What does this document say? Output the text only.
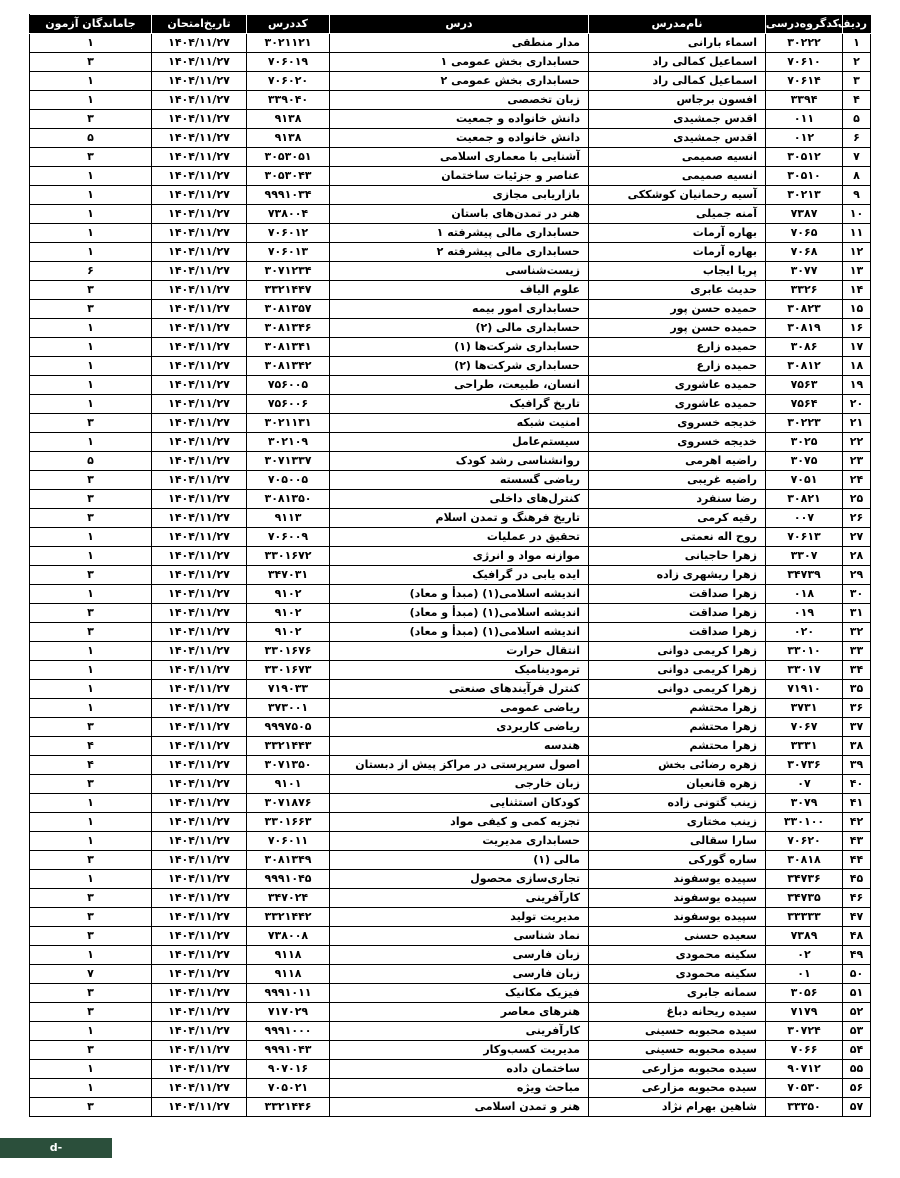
ردیف	کدگروه‌درسی	نام‌مدرس	درس	کددرس	تاریخ‌امتحان	جاماندگان آزمون
۱	۳۰۲۲۲	اسماء بارانی	مدار منطقی	۳۰۲۱۱۲۱	۱۴۰۴/۱۱/۲۷	۱
۲	۷۰۶۱۰	اسماعیل کمالی راد	حسابداری بخش عمومی ۱	۷۰۶۰۱۹	۱۴۰۴/۱۱/۲۷	۳
۳	۷۰۶۱۴	اسماعیل کمالی راد	حسابداری بخش عمومی ۲	۷۰۶۰۲۰	۱۴۰۴/۱۱/۲۷	۱
۴	۳۳۹۴	افسون برجاس	زبان تخصصی	۳۳۹۰۴۰	۱۴۰۴/۱۱/۲۷	۱
۵	۰۱۱	اقدس جمشیدی	دانش خانواده و جمعیت	۹۱۳۸	۱۴۰۴/۱۱/۲۷	۳
۶	۰۱۲	اقدس جمشیدی	دانش خانواده و جمعیت	۹۱۳۸	۱۴۰۴/۱۱/۲۷	۵
۷	۳۰۵۱۲	انسیه صمیمی	آشنایی با معماری اسلامی	۳۰۵۳۰۵۱	۱۴۰۴/۱۱/۲۷	۳
۸	۳۰۵۱۰	انسیه صمیمی	عناصر و جزئیات ساختمان	۳۰۵۳۰۴۳	۱۴۰۴/۱۱/۲۷	۱
۹	۳۰۲۱۳	آسیه رحمانیان کوشککی	بازاریابی مجازی	۹۹۹۱۰۳۴	۱۴۰۴/۱۱/۲۷	۱
۱۰	۷۳۸۷	آمنه جمیلی	هنر در تمدن‌های باستان	۷۳۸۰۰۴	۱۴۰۴/۱۱/۲۷	۱
۱۱	۷۰۶۵	بهاره آرمات	حسابداری مالی پیشرفته ۱	۷۰۶۰۱۲	۱۴۰۴/۱۱/۲۷	۱
۱۲	۷۰۶۸	بهاره آرمات	حسابداری مالی پیشرفته ۲	۷۰۶۰۱۳	۱۴۰۴/۱۱/۲۷	۱
۱۳	۳۰۷۷	پریا ایجاب	زیست‌شناسی	۳۰۷۱۲۳۴	۱۴۰۴/۱۱/۲۷	۶
۱۴	۳۳۲۶	حدیث عابری	علوم الیاف	۳۳۲۱۴۴۷	۱۴۰۴/۱۱/۲۷	۳
۱۵	۳۰۸۲۳	حمیده حسن پور	حسابداری امور بیمه	۳۰۸۱۳۵۷	۱۴۰۴/۱۱/۲۷	۳
۱۶	۳۰۸۱۹	حمیده حسن پور	حسابداری مالی (۲)	۳۰۸۱۳۴۶	۱۴۰۴/۱۱/۲۷	۱
۱۷	۳۰۸۶	حمیده زارع	حسابداری شرکت‌ها (۱)	۳۰۸۱۳۴۱	۱۴۰۴/۱۱/۲۷	۱
۱۸	۳۰۸۱۲	حمیده زارع	حسابداری شرکت‌ها (۲)	۳۰۸۱۳۴۲	۱۴۰۴/۱۱/۲۷	۱
۱۹	۷۵۶۳	حمیده عاشوری	انسان، طبیعت، طراحی	۷۵۶۰۰۵	۱۴۰۴/۱۱/۲۷	۱
۲۰	۷۵۶۴	حمیده عاشوری	تاریخ گرافیک	۷۵۶۰۰۶	۱۴۰۴/۱۱/۲۷	۱
۲۱	۳۰۲۲۳	خدیجه خسروی	امنیت شبکه	۳۰۲۱۱۳۱	۱۴۰۴/۱۱/۲۷	۳
۲۲	۳۰۲۵	خدیجه خسروی	سیستم‌عامل	۳۰۲۱۰۹	۱۴۰۴/۱۱/۲۷	۱
۲۳	۳۰۷۵	راضیه اهرمی	روانشناسی رشد کودک	۳۰۷۱۳۳۷	۱۴۰۴/۱۱/۲۷	۵
۲۴	۷۰۵۱	راضیه غریبی	ریاضی گسسته	۷۰۵۰۰۵	۱۴۰۴/۱۱/۲۷	۳
۲۵	۳۰۸۲۱	رضا سنفرد	کنترل‌های داخلی	۳۰۸۱۳۵۰	۱۴۰۴/۱۱/۲۷	۳
۲۶	۰۰۷	رقیه کرمی	تاریخ فرهنگ و تمدن اسلام	۹۱۱۳	۱۴۰۴/۱۱/۲۷	۳
۲۷	۷۰۶۱۳	روح اله نعمتی	تحقیق در عملیات	۷۰۶۰۰۹	۱۴۰۴/۱۱/۲۷	۱
۲۸	۳۳۰۷	زهرا حاجیانی	موازنه مواد و انرژی	۳۳۰۱۶۷۲	۱۴۰۴/۱۱/۲۷	۱
۲۹	۳۴۷۳۹	زهرا ریشهری زاده	ایده یابی در گرافیک	۳۴۷۰۳۱	۱۴۰۴/۱۱/۲۷	۳
۳۰	۰۱۸	زهرا صداقت	اندیشه اسلامی(۱) (مبدأ و معاد)	۹۱۰۲	۱۴۰۴/۱۱/۲۷	۱
۳۱	۰۱۹	زهرا صداقت	اندیشه اسلامی(۱) (مبدأ و معاد)	۹۱۰۲	۱۴۰۴/۱۱/۲۷	۳
۳۲	۰۲۰	زهرا صداقت	اندیشه اسلامی(۱) (مبدأ و معاد)	۹۱۰۲	۱۴۰۴/۱۱/۲۷	۳
۳۳	۳۳۰۱۰	زهرا کریمی دوانی	انتقال حرارت	۳۳۰۱۶۷۶	۱۴۰۴/۱۱/۲۷	۱
۳۴	۳۳۰۱۷	زهرا کریمی دوانی	ترمودینامیک	۳۳۰۱۶۷۳	۱۴۰۴/۱۱/۲۷	۱
۳۵	۷۱۹۱۰	زهرا کریمی دوانی	کنترل فرآیندهای صنعتی	۷۱۹۰۳۳	۱۴۰۴/۱۱/۲۷	۱
۳۶	۳۷۳۱	زهرا محتشم	ریاضی عمومی	۳۷۳۰۰۱	۱۴۰۴/۱۱/۲۷	۱
۳۷	۷۰۶۷	زهرا محتشم	ریاضی کاربردی	۹۹۹۷۵۰۵	۱۴۰۴/۱۱/۲۷	۳
۳۸	۳۳۳۱	زهرا محتشم	هندسه	۳۳۲۱۴۴۳	۱۴۰۴/۱۱/۲۷	۴
۳۹	۳۰۷۳۶	زهره رضائی بخش	اصول سرپرستی در مراکز پیش از دبستان	۳۰۷۱۳۵۰	۱۴۰۴/۱۱/۲۷	۴
۴۰	۰۷	زهره قانعیان	زبان خارجی	۹۱۰۱	۱۴۰۴/۱۱/۲۷	۳
۴۱	۳۰۷۹	زینب گتونی زاده	کودکان استثنایی	۳۰۷۱۸۷۶	۱۴۰۴/۱۱/۲۷	۱
۴۲	۳۳۰۱۰۰	زینب مختاری	تجزیه کمی و کیفی مواد	۳۳۰۱۶۶۳	۱۴۰۴/۱۱/۲۷	۱
۴۳	۷۰۶۲۰	سارا سقالی	حسابداری مدیریت	۷۰۶۰۱۱	۱۴۰۴/۱۱/۲۷	۱
۴۴	۳۰۸۱۸	ساره گورکی	مالی (۱)	۳۰۸۱۳۴۹	۱۴۰۴/۱۱/۲۷	۳
۴۵	۳۴۷۳۶	سپیده یوسفوند	تجاری‌سازی محصول	۹۹۹۱۰۴۵	۱۴۰۴/۱۱/۲۷	۱
۴۶	۳۴۷۳۵	سپیده یوسفوند	کارآفرینی	۳۴۷۰۲۴	۱۴۰۴/۱۱/۲۷	۳
۴۷	۳۳۳۳۳	سپیده یوسفوند	مدیریت تولید	۳۳۲۱۴۴۲	۱۴۰۴/۱۱/۲۷	۳
۴۸	۷۳۸۹	سعیده حسنی	نماد شناسی	۷۳۸۰۰۸	۱۴۰۴/۱۱/۲۷	۳
۴۹	۰۲	سکینه محمودی	زبان فارسی	۹۱۱۸	۱۴۰۴/۱۱/۲۷	۱
۵۰	۰۱	سکینه محمودی	زبان فارسی	۹۱۱۸	۱۴۰۴/۱۱/۲۷	۷
۵۱	۳۰۵۶	سمانه جابری	فیزیک مکانیک	۹۹۹۱۰۱۱	۱۴۰۴/۱۱/۲۷	۳
۵۲	۷۱۷۹	سیده ریحانه دباغ	هنرهای معاصر	۷۱۷۰۲۹	۱۴۰۴/۱۱/۲۷	۳
۵۳	۳۰۷۲۴	سیده محبوبه حسینی	کارآفرینی	۹۹۹۱۰۰۰	۱۴۰۴/۱۱/۲۷	۱
۵۴	۷۰۶۶	سیده محبوبه حسینی	مدیریت کسب‌وکار	۹۹۹۱۰۴۳	۱۴۰۴/۱۱/۲۷	۳
۵۵	۹۰۷۱۲	سیده محبوبه مزارعی	ساختمان داده	۹۰۷۰۱۶	۱۴۰۴/۱۱/۲۷	۱
۵۶	۷۰۵۳۰	سیده محبوبه مزارعی	مباحث ویژه	۷۰۵۰۲۱	۱۴۰۴/۱۱/۲۷	۱
۵۷	۳۳۳۵۰	شاهین بهرام نژاد	هنر و تمدن اسلامی	۳۳۲۱۴۴۶	۱۴۰۴/۱۱/۲۷	۳
d-bushehr.tvu.ac.ir
